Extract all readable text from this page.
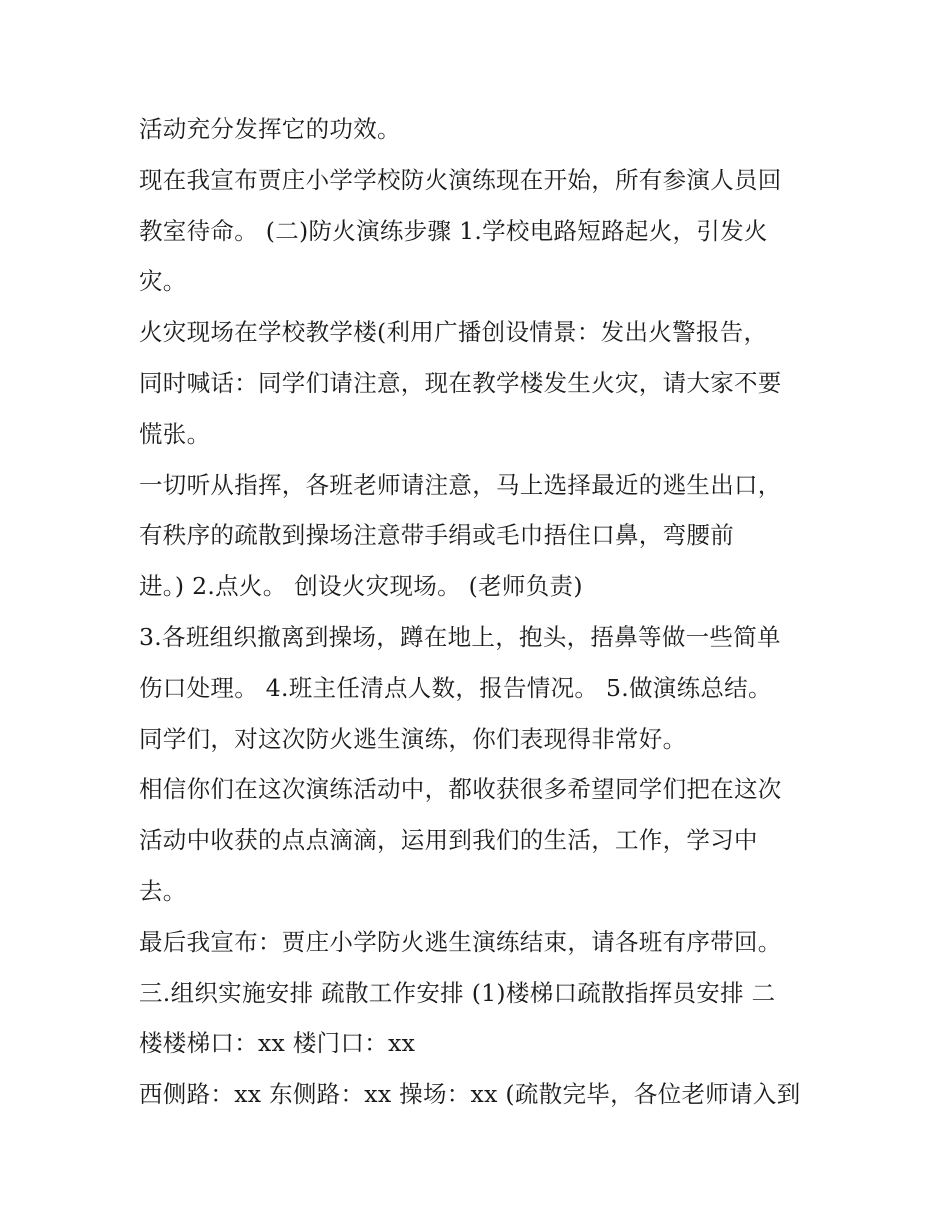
活动充分发挥它的功效。
现在我宣布贾庄小学学校防火演练现在开始，所有参演人员回
教室待命。 (二)防火演练步骤 1.学校电路短路起火，引发火
灾。
火灾现场在学校教学楼(利用广播创设情景：发出火警报告，
同时喊话：同学们请注意，现在教学楼发生火灾，请大家不要
慌张。
一切听从指挥，各班老师请注意，马上选择最近的逃生出口，
有秩序的疏散到操场注意带手绢或毛巾捂住口鼻，弯腰前
进。) 2.点火。 创设火灾现场。 (老师负责)
3.各班组织撤离到操场，蹲在地上，抱头，捂鼻等做一些简单
伤口处理。 4.班主任清点人数，报告情况。 5.做演练总结。
同学们，对这次防火逃生演练，你们表现得非常好。
相信你们在这次演练活动中，都收获很多希望同学们把在这次
活动中收获的点点滴滴，运用到我们的生活，工作，学习中
去。
最后我宣布：贾庄小学防火逃生演练结束，请各班有序带回。
三.组织实施安排 疏散工作安排 (1)楼梯口疏散指挥员安排 二
楼楼梯口：xx 楼门口：xx
西侧路：xx 东侧路：xx 操场：xx (疏散完毕，各位老师请入到
